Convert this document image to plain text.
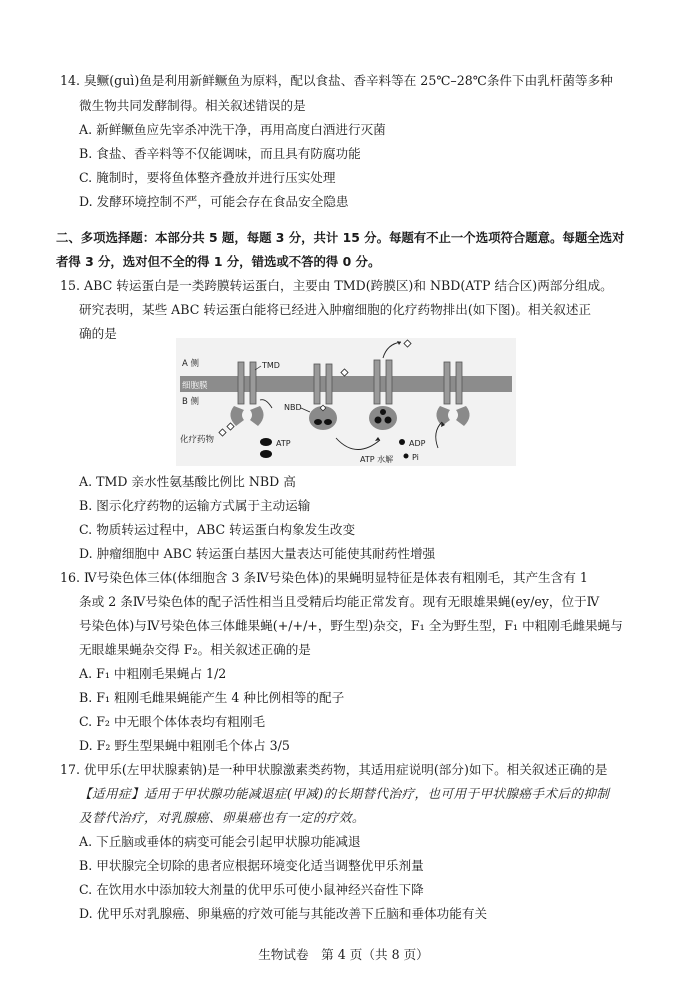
14. 臭鳜(guì)鱼是利用新鲜鳜鱼为原料，配以食盐、香辛料等在 25℃–28℃条件下由乳杆菌等多种
微生物共同发酵制得。相关叙述错误的是
A. 新鲜鳜鱼应先宰杀冲洗干净，再用高度白酒进行灭菌
B. 食盐、香辛料等不仅能调味，而且具有防腐功能
C. 腌制时，要将鱼体整齐叠放并进行压实处理
D. 发酵环境控制不严，可能会存在食品安全隐患
二、多项选择题：本部分共 5 题，每题 3 分，共计 15 分。每题有不止一个选项符合题意。每题全选对
者得 3 分，选对但不全的得 1 分，错选或不答的得 0 分。
15. ABC 转运蛋白是一类跨膜转运蛋白，主要由 TMD(跨膜区)和 NBD(ATP 结合区)两部分组成。
研究表明，某些 ABC 转运蛋白能将已经进入肿瘤细胞的化疗药物排出(如下图)。相关叙述正
确的是
A 侧
细胞膜
B 侧
TMD
化疗药物	ATP
NBD
ATP 水解
ADP
Pi
A. TMD 亲水性氨基酸比例比 NBD 高
B. 图示化疗药物的运输方式属于主动运输
C. 物质转运过程中，ABC 转运蛋白构象发生改变
D. 肿瘤细胞中 ABC 转运蛋白基因大量表达可能使其耐药性增强
16. Ⅳ号染色体三体(体细胞含 3 条Ⅳ号染色体)的果蝇明显特征是体表有粗刚毛，其产生含有 1
条或 2 条Ⅳ号染色体的配子活性相当且受精后均能正常发育。现有无眼雄果蝇(ey/ey，位于Ⅳ
号染色体)与Ⅳ号染色体三体雌果蝇(+/+/+，野生型)杂交，F₁ 全为野生型，F₁ 中粗刚毛雌果蝇与
无眼雄果蝇杂交得 F₂。相关叙述正确的是
A. F₁ 中粗刚毛果蝇占 1/2
B. F₁ 粗刚毛雌果蝇能产生 4 种比例相等的配子
C. F₂ 中无眼个体体表均有粗刚毛
D. F₂ 野生型果蝇中粗刚毛个体占 3/5
17. 优甲乐(左甲状腺素钠)是一种甲状腺激素类药物，其适用症说明(部分)如下。相关叙述正确的是
【适用症】适用于甲状腺功能减退症(甲减)的长期替代治疗，也可用于甲状腺癌手术后的抑制
及替代治疗，对乳腺癌、卵巢癌也有一定的疗效。
A. 下丘脑或垂体的病变可能会引起甲状腺功能减退
B. 甲状腺完全切除的患者应根据环境变化适当调整优甲乐剂量
C. 在饮用水中添加较大剂量的优甲乐可使小鼠神经兴奋性下降
D. 优甲乐对乳腺癌、卵巢癌的疗效可能与其能改善下丘脑和垂体功能有关
生物试卷　第 4 页（共 8 页）
